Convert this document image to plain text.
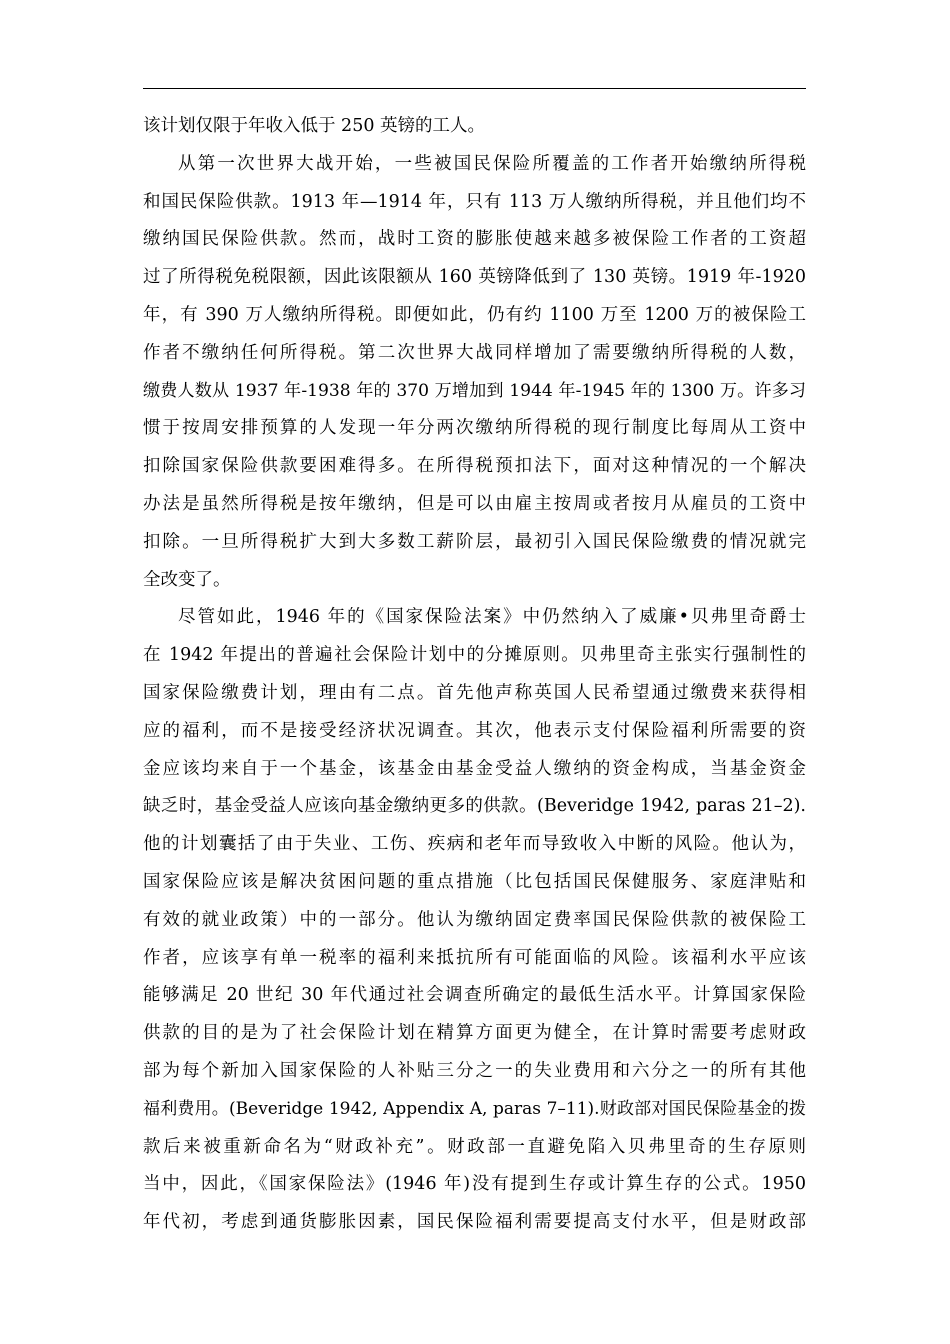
该计划仅限于年收入低于 250 英镑的工人。
从第一次世界大战开始，一些被国民保险所覆盖的工作者开始缴纳所得税
和国民保险供款。1913 年—1914 年，只有 113 万人缴纳所得税，并且他们均不
缴纳国民保险供款。然而，战时工资的膨胀使越来越多被保险工作者的工资超
过了所得税免税限额，因此该限额从 160 英镑降低到了 130 英镑。1919 年-1920
年，有 390 万人缴纳所得税。即便如此，仍有约 1100 万至 1200 万的被保险工
作者不缴纳任何所得税。第二次世界大战同样增加了需要缴纳所得税的人数，
缴费人数从 1937 年-1938 年的 370 万增加到 1944 年-1945 年的 1300 万。许多习
惯于按周安排预算的人发现一年分两次缴纳所得税的现行制度比每周从工资中
扣除国家保险供款要困难得多。在所得税预扣法下，面对这种情况的一个解决
办法是虽然所得税是按年缴纳，但是可以由雇主按周或者按月从雇员的工资中
扣除。一旦所得税扩大到大多数工薪阶层，最初引入国民保险缴费的情况就完
全改变了。
尽管如此，1946 年的《国家保险法案》中仍然纳入了威廉•贝弗里奇爵士
在 1942 年提出的普遍社会保险计划中的分摊原则。贝弗里奇主张实行强制性的
国家保险缴费计划，理由有二点。首先他声称英国人民希望通过缴费来获得相
应的福利，而不是接受经济状况调查。其次，他表示支付保险福利所需要的资
金应该均来自于一个基金，该基金由基金受益人缴纳的资金构成，当基金资金
缺乏时，基金受益人应该向基金缴纳更多的供款。(Beveridge 1942, paras 21–2).
他的计划囊括了由于失业、工伤、疾病和老年而导致收入中断的风险。他认为，
国家保险应该是解决贫困问题的重点措施（比包括国民保健服务、家庭津贴和
有效的就业政策）中的一部分。他认为缴纳固定费率国民保险供款的被保险工
作者，应该享有单一税率的福利来抵抗所有可能面临的风险。该福利水平应该
能够满足 20 世纪 30 年代通过社会调查所确定的最低生活水平。计算国家保险
供款的目的是为了社会保险计划在精算方面更为健全，在计算时需要考虑财政
部为每个新加入国家保险的人补贴三分之一的失业费用和六分之一的所有其他
福利费用。(Beveridge 1942, Appendix A, paras 7–11).财政部对国民保险基金的拨
款后来被重新命名为“财政补充”。财政部一直避免陷入贝弗里奇的生存原则
当中，因此，《国家保险法》(1946 年)没有提到生存或计算生存的公式。1950
年代初，考虑到通货膨胀因素，国民保险福利需要提高支付水平，但是财政部
